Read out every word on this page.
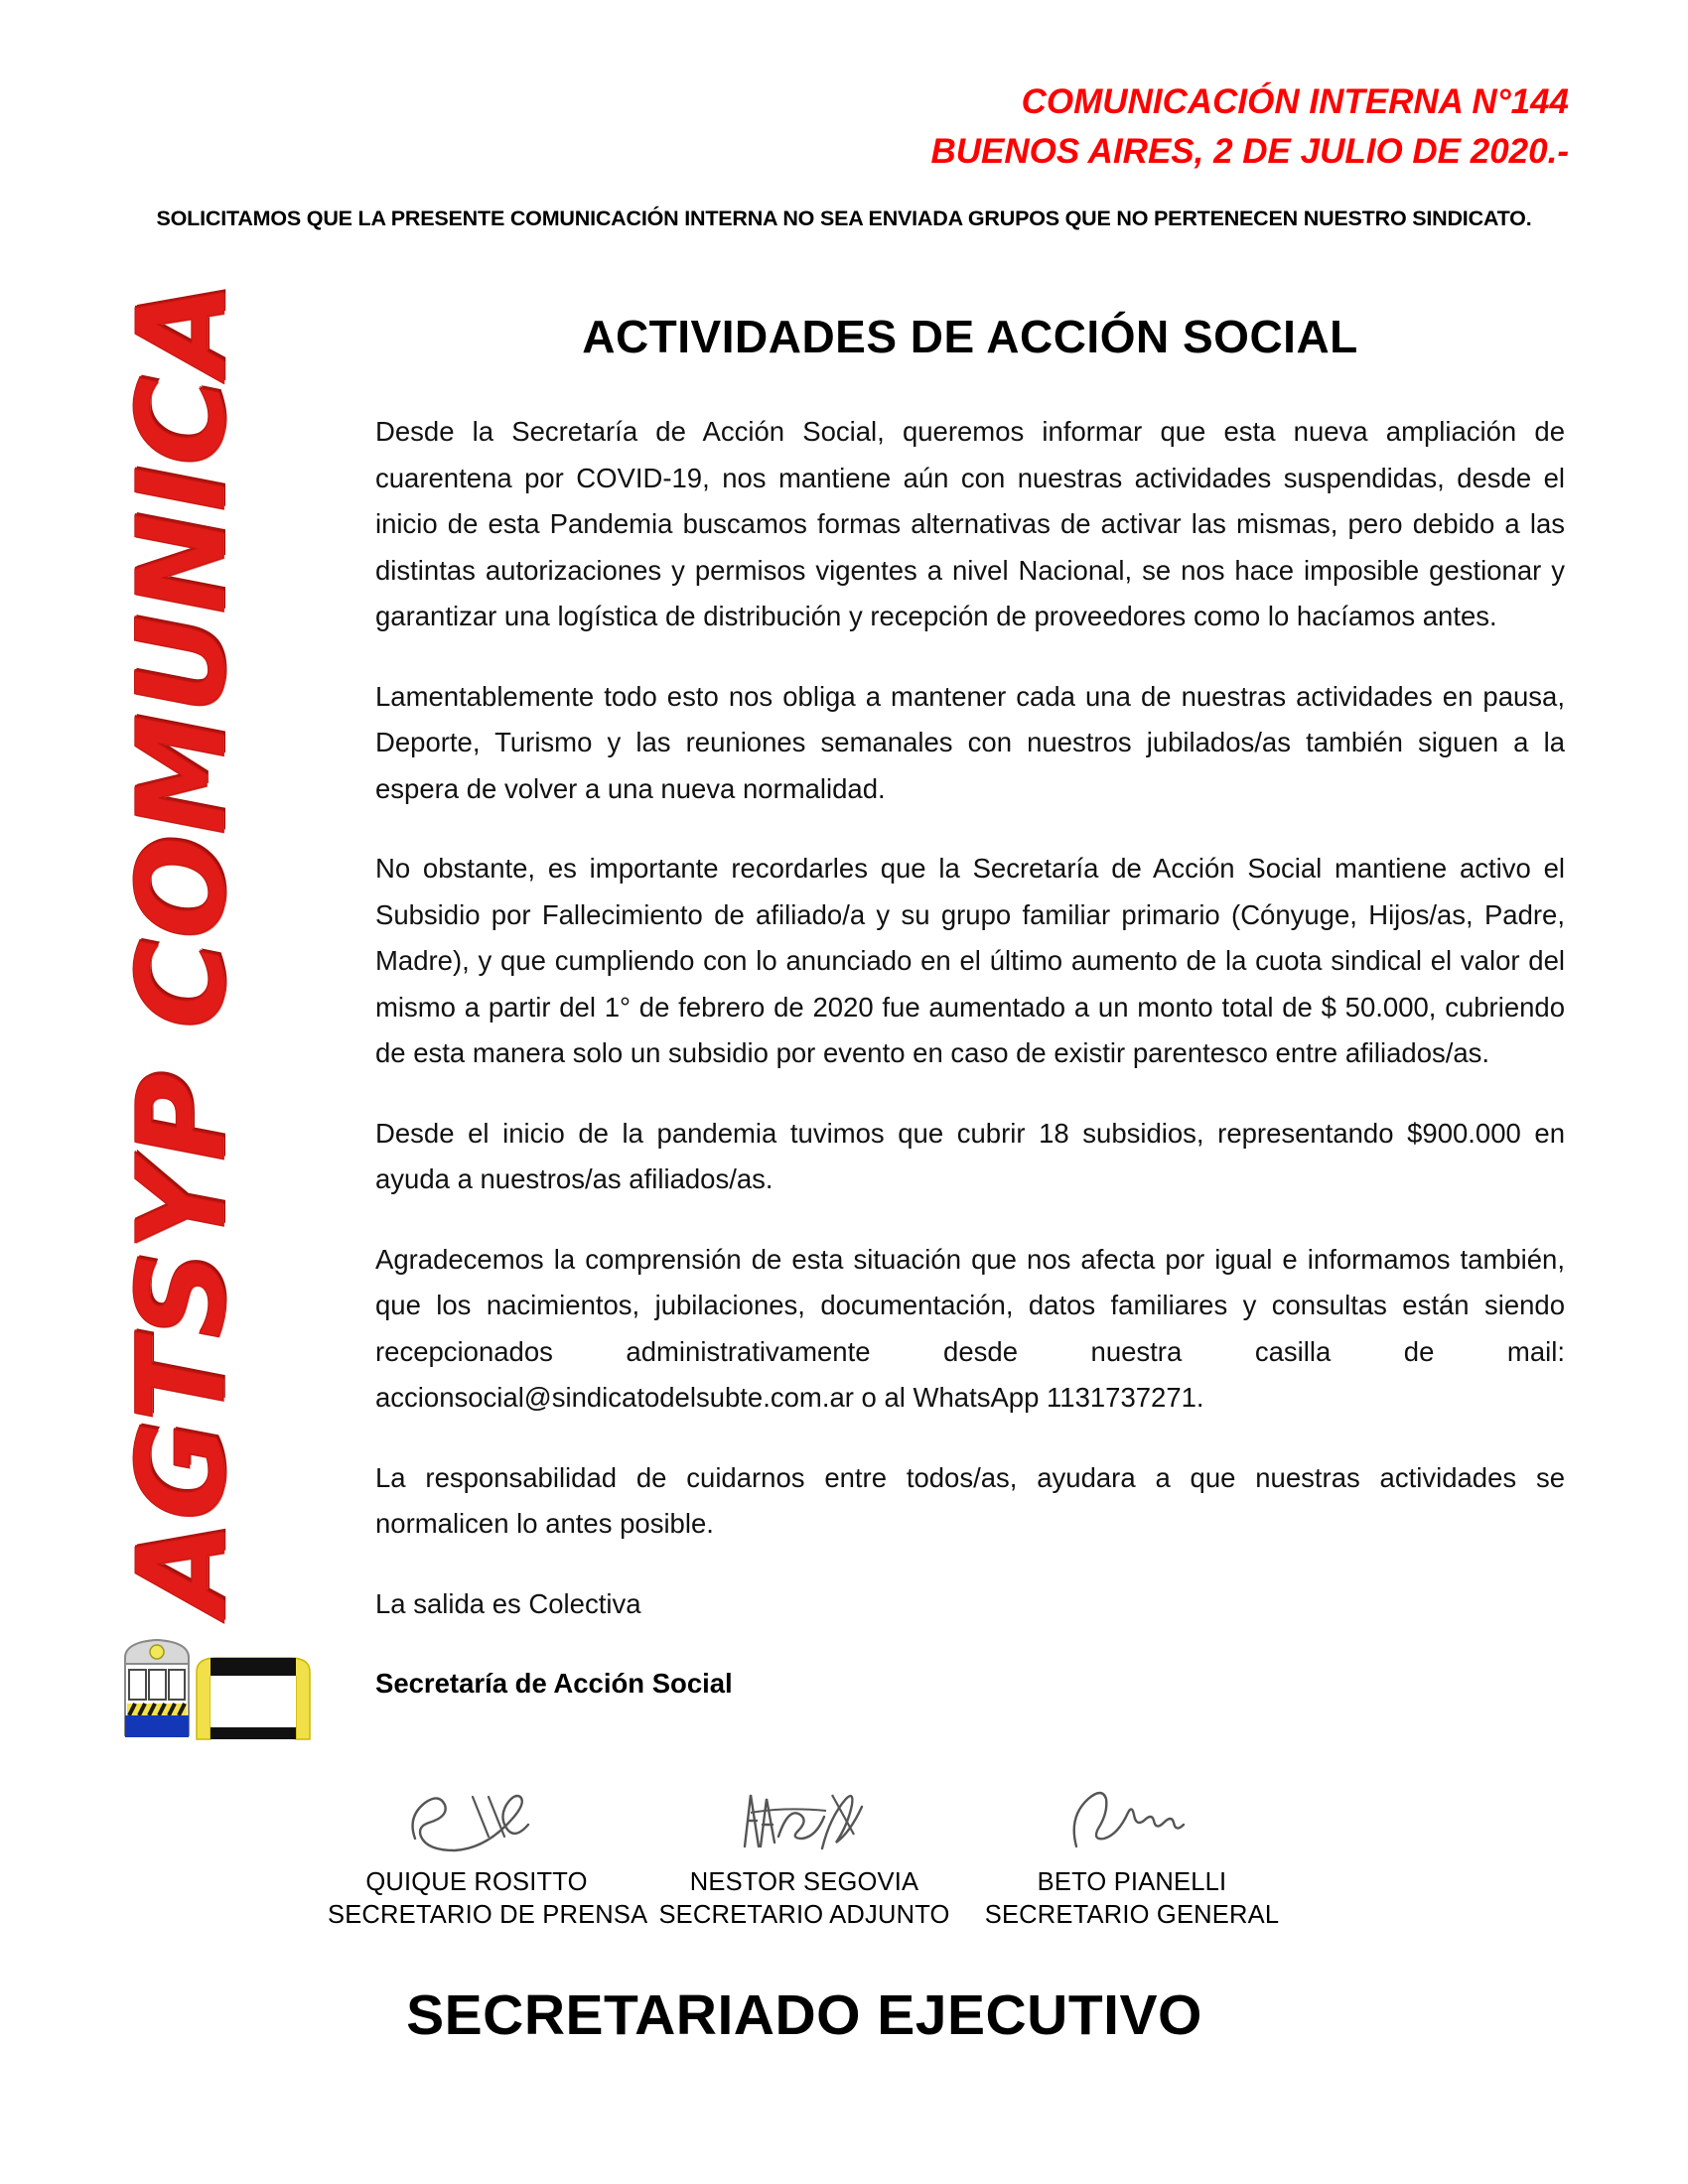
COMUNICACIÓN INTERNA N°144
BUENOS AIRES, 2 DE JULIO DE 2020.-
SOLICITAMOS QUE LA PRESENTE COMUNICACIÓN INTERNA NO SEA ENVIADA GRUPOS QUE NO PERTENECEN NUESTRO SINDICATO.
AGTSYP COMUNICA	ACTIVIDADES DE ACCIÓN SOCIAL

Desde la Secretaría de Acción Social, queremos informar que esta nueva ampliación de cuarentena por COVID-19, nos mantiene aún con nuestras actividades suspendidas, desde el inicio de esta Pandemia buscamos formas alternativas de activar las mismas, pero debido a las distintas autorizaciones y permisos vigentes a nivel Nacional, se nos hace imposible gestionar y garantizar una logística de distribución y recepción de proveedores como lo hacíamos antes.

Lamentablemente todo esto nos obliga a mantener cada una de nuestras actividades en pausa, Deporte, Turismo y las reuniones semanales con nuestros jubilados/as también siguen a la espera de volver a una nueva normalidad.

No obstante, es importante recordarles que la Secretaría de Acción Social mantiene activo el Subsidio por Fallecimiento de afiliado/a y su grupo familiar primario (Cónyuge, Hijos/as, Padre, Madre), y que cumpliendo con lo anunciado en el último aumento de la cuota sindical el valor del mismo a partir del 1° de febrero de 2020 fue aumentado a un monto total de $ 50.000, cubriendo de esta manera solo un subsidio por evento en caso de existir parentesco entre afiliados/as.

Desde el inicio de la pandemia tuvimos que cubrir 18 subsidios, representando $900.000 en ayuda a nuestros/as afiliados/as.

Agradecemos la comprensión de esta situación que nos afecta por igual e informamos también, que los nacimientos, jubilaciones, documentación, datos familiares y consultas están siendo recepcionados administrativamente desde nuestra casilla de mail: accionsocial@sindicatodelsubte.com.ar o al WhatsApp 1131737271.

La responsabilidad de cuidarnos entre todos/as, ayudara a que nuestras actividades se normalicen lo antes posible.

La salida es Colectiva

Secretaría de Acción Social

QUIQUE ROSITTO
SECRETARIO DE PRENSA
NESTOR SEGOVIA
SECRETARIO ADJUNTO
BETO PIANELLI
SECRETARIO GENERAL
SECRETARIADO EJECUTIVO
